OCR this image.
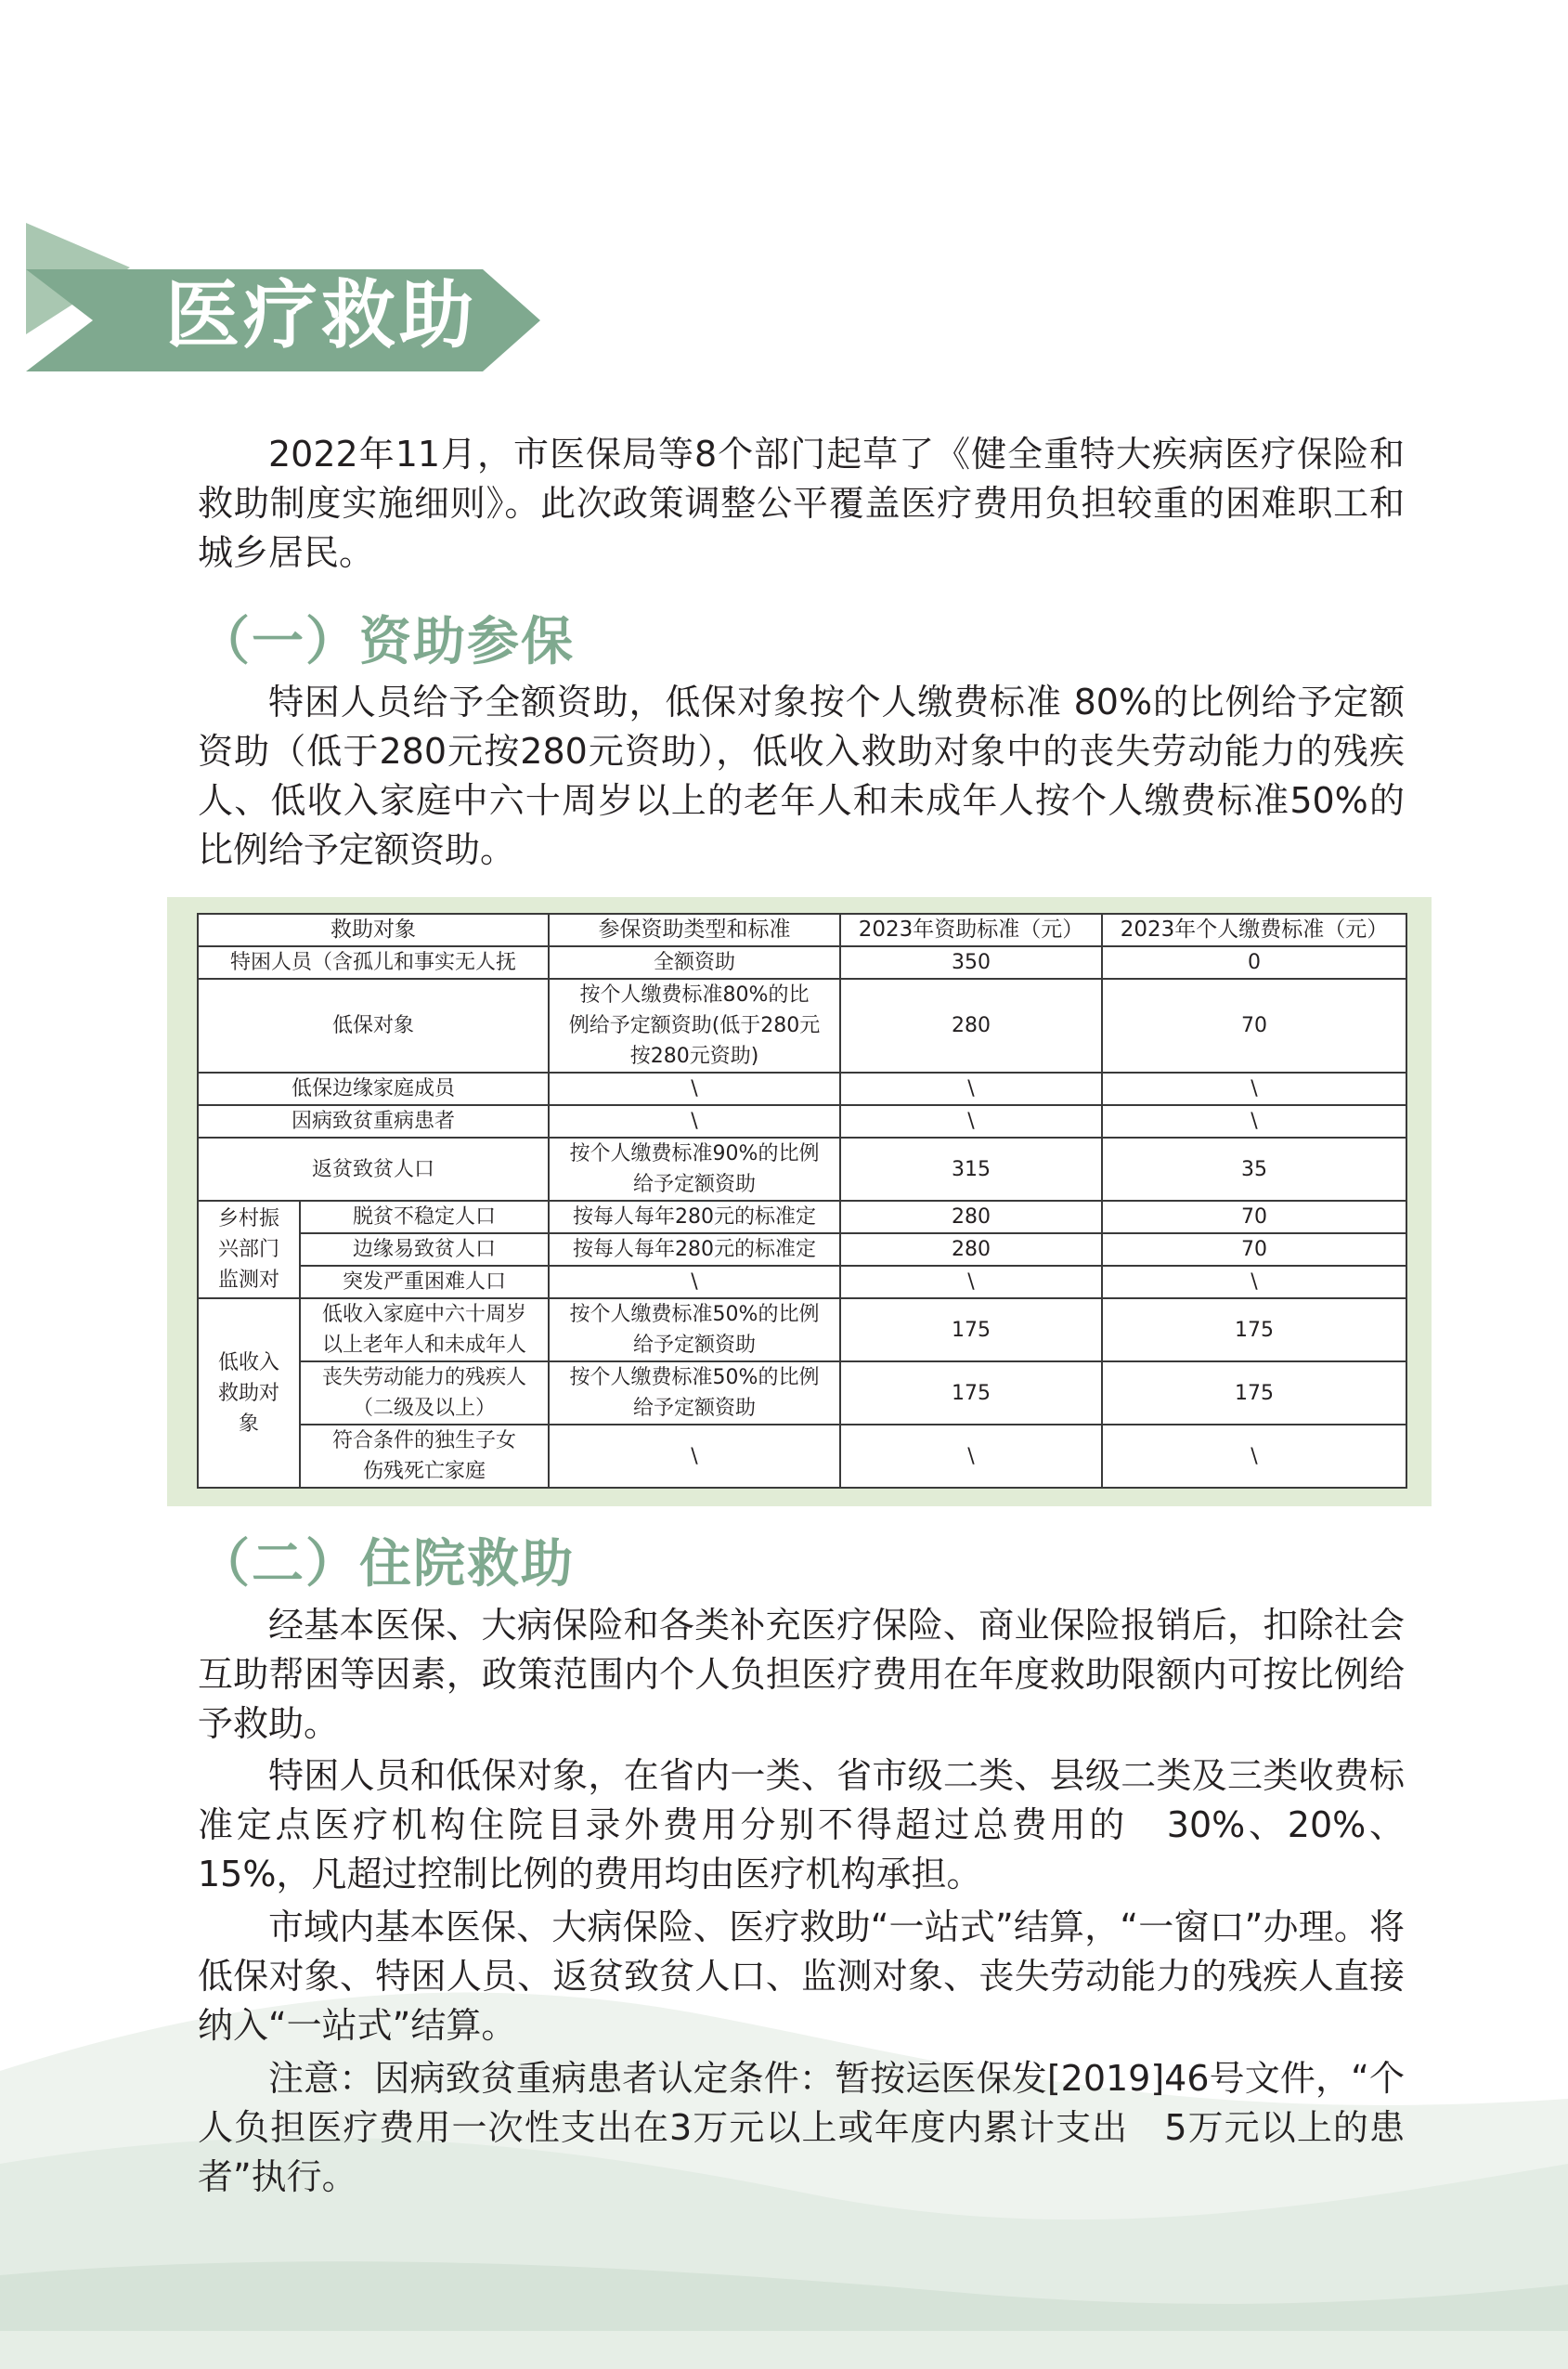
医疗救助
2022年11月，市医保局等8个部门起草了《健全重特大疾病医疗保险和救助制度实施细则》。此次政策调整公平覆盖医疗费用负担较重的困难职工和城乡居民。
（一）资助参保
特困人员给予全额资助，低保对象按个人缴费标准 80%的比例给予定额资助（低于280元按280元资助），低收入救助对象中的丧失劳动能力的残疾人、低收入家庭中六十周岁以上的老年人和未成年人按个人缴费标准50%的比例给予定额资助。
救助对象		参保资助类型和标准	2023年资助标准（元）	2023年个人缴费标准（元）
特困人员（含孤儿和事实无人抚		全额资助	350	0
低保对象		按个人缴费标准80%的比
例给予定额资助(低于280元
按280元资助)	280	70
低保边缘家庭成员		\	\	\
因病致贫重病患者		\	\	\
返贫致贫人口		按个人缴费标准90%的比例
给予定额资助	315	35
乡村振
兴部门
监测对	脱贫不稳定人口	按每人每年280元的标准定	280	70
	边缘易致贫人口	按每人每年280元的标准定	280	70
	突发严重困难人口	\	\	\
低收入
救助对
象	低收入家庭中六十周岁
以上老年人和未成年人	按个人缴费标准50%的比例
给予定额资助	175	175
	丧失劳动能力的残疾人
（二级及以上）	按个人缴费标准50%的比例
给予定额资助	175	175
	符合条件的独生子女
伤残死亡家庭	\	\	\
（二）住院救助
经基本医保、大病保险和各类补充医疗保险、商业保险报销后，扣除社会互助帮困等因素，政策范围内个人负担医疗费用在年度救助限额内可按比例给予救助。
特困人员和低保对象，在省内一类、省市级二类、县级二类及三类收费标准定点医疗机构住院目录外费用分别不得超过总费用的　30%、20%、15%，凡超过控制比例的费用均由医疗机构承担。
市域内基本医保、大病保险、医疗救助“一站式”结算，“一窗口”办理。将低保对象、特困人员、返贫致贫人口、监测对象、丧失劳动能力的残疾人直接纳入“一站式”结算。
注意：因病致贫重病患者认定条件：暂按运医保发[2019]46号文件，“个人负担医疗费用一次性支出在3万元以上或年度内累计支出　5万元以上的患者”执行。
